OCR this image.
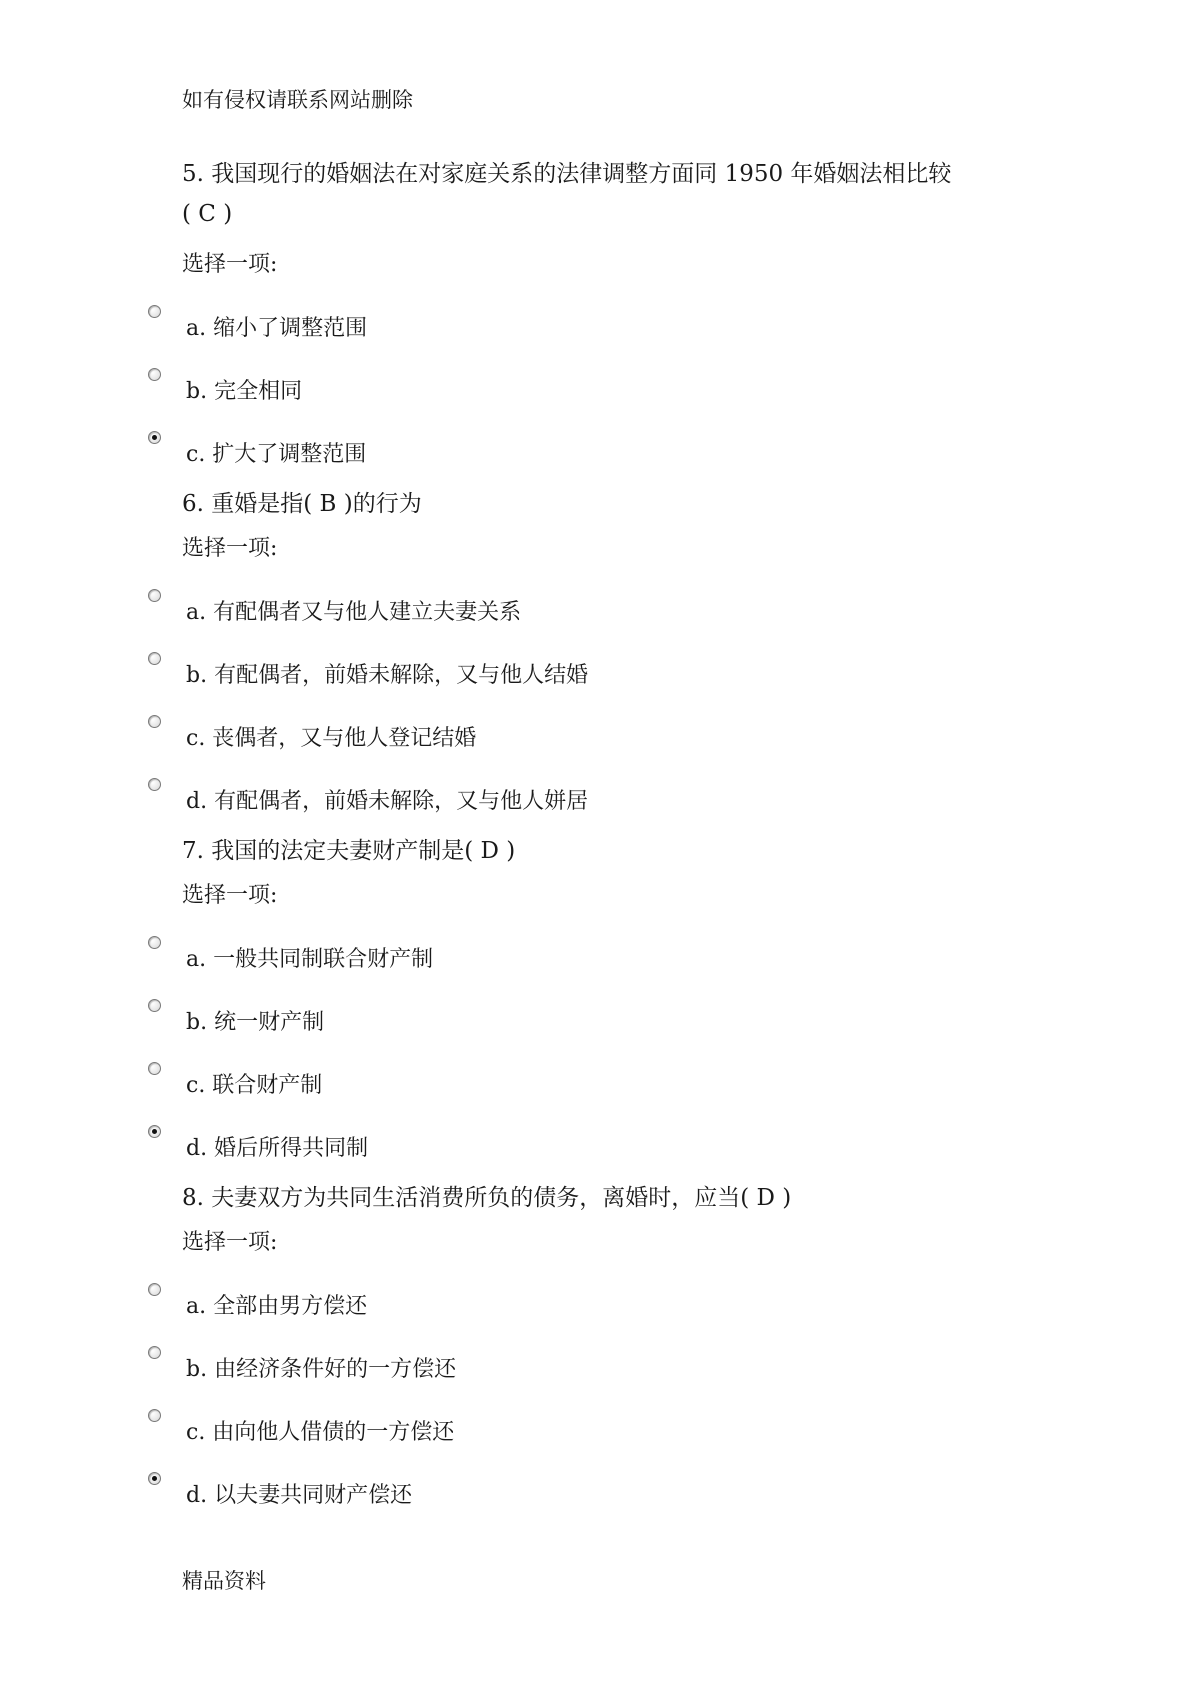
如有侵权请联系网站删除
5. 我国现行的婚姻法在对家庭关系的法律调整方面同 1950 年婚姻法相比较
( C )
选择一项:
a. 缩小了调整范围
b. 完全相同
c. 扩大了调整范围
6. 重婚是指( B )的行为
选择一项:
a. 有配偶者又与他人建立夫妻关系
b. 有配偶者，前婚未解除，又与他人结婚
c. 丧偶者，又与他人登记结婚
d. 有配偶者，前婚未解除，又与他人姘居
7. 我国的法定夫妻财产制是( D )
选择一项:
a. 一般共同制联合财产制
b. 统一财产制
c. 联合财产制
d. 婚后所得共同制
8. 夫妻双方为共同生活消费所负的债务，离婚时，应当( D )
选择一项:
a. 全部由男方偿还
b. 由经济条件好的一方偿还
c. 由向他人借债的一方偿还
d. 以夫妻共同财产偿还
精品资料
